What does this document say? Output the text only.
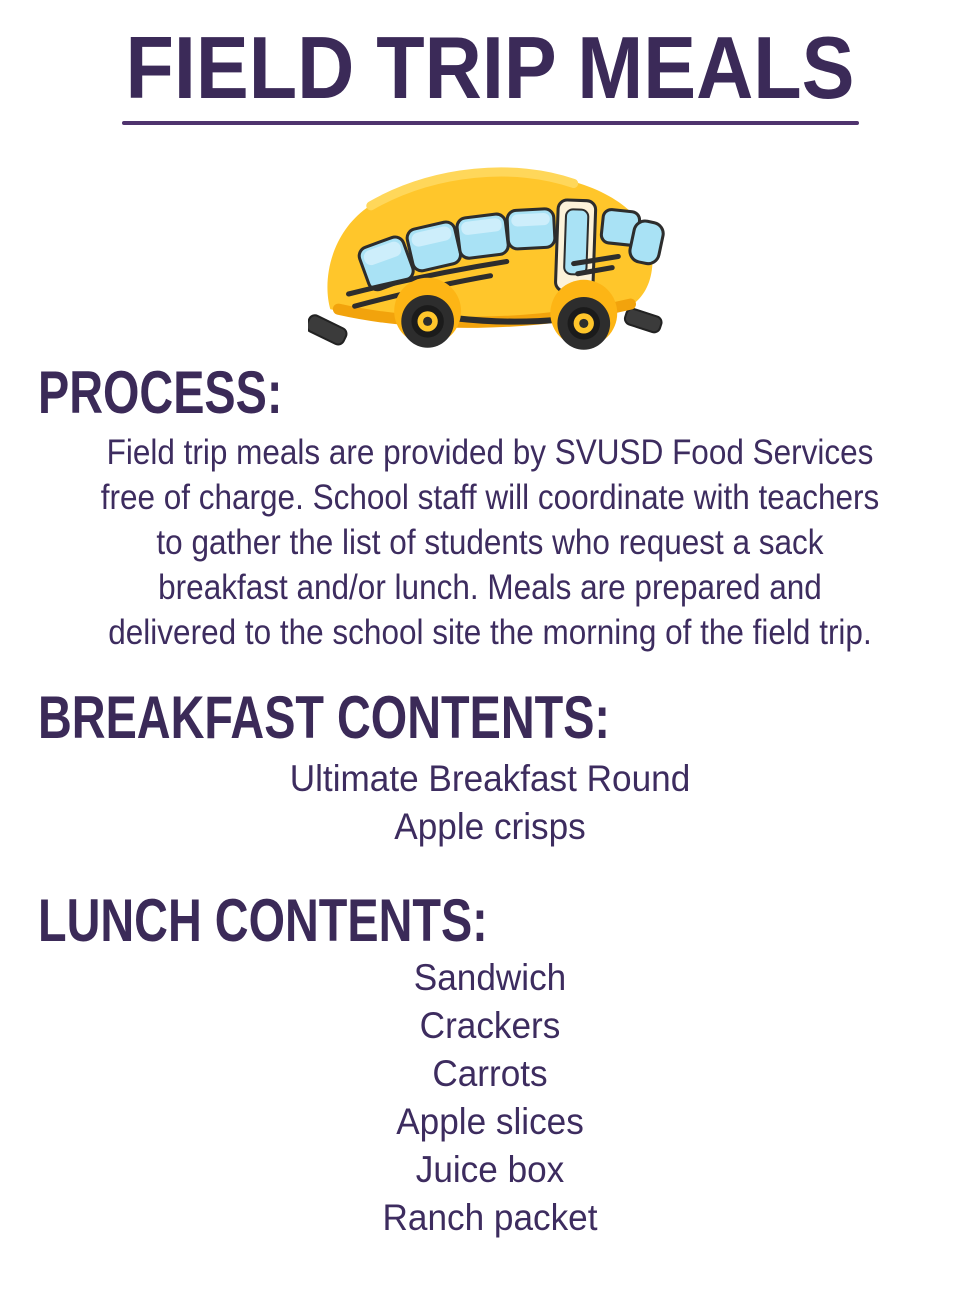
FIELD TRIP MEALS
PROCESS:
Field trip meals are provided by SVUSD Food Services
free of charge. School staff will coordinate with teachers
to gather the list of students who request a sack
breakfast and/or lunch. Meals are prepared and
delivered to the school site the morning of the field trip.
BREAKFAST CONTENTS:
Ultimate Breakfast Round
Apple crisps
LUNCH CONTENTS:
Sandwich
Crackers
Carrots
Apple slices
Juice box
Ranch packet
